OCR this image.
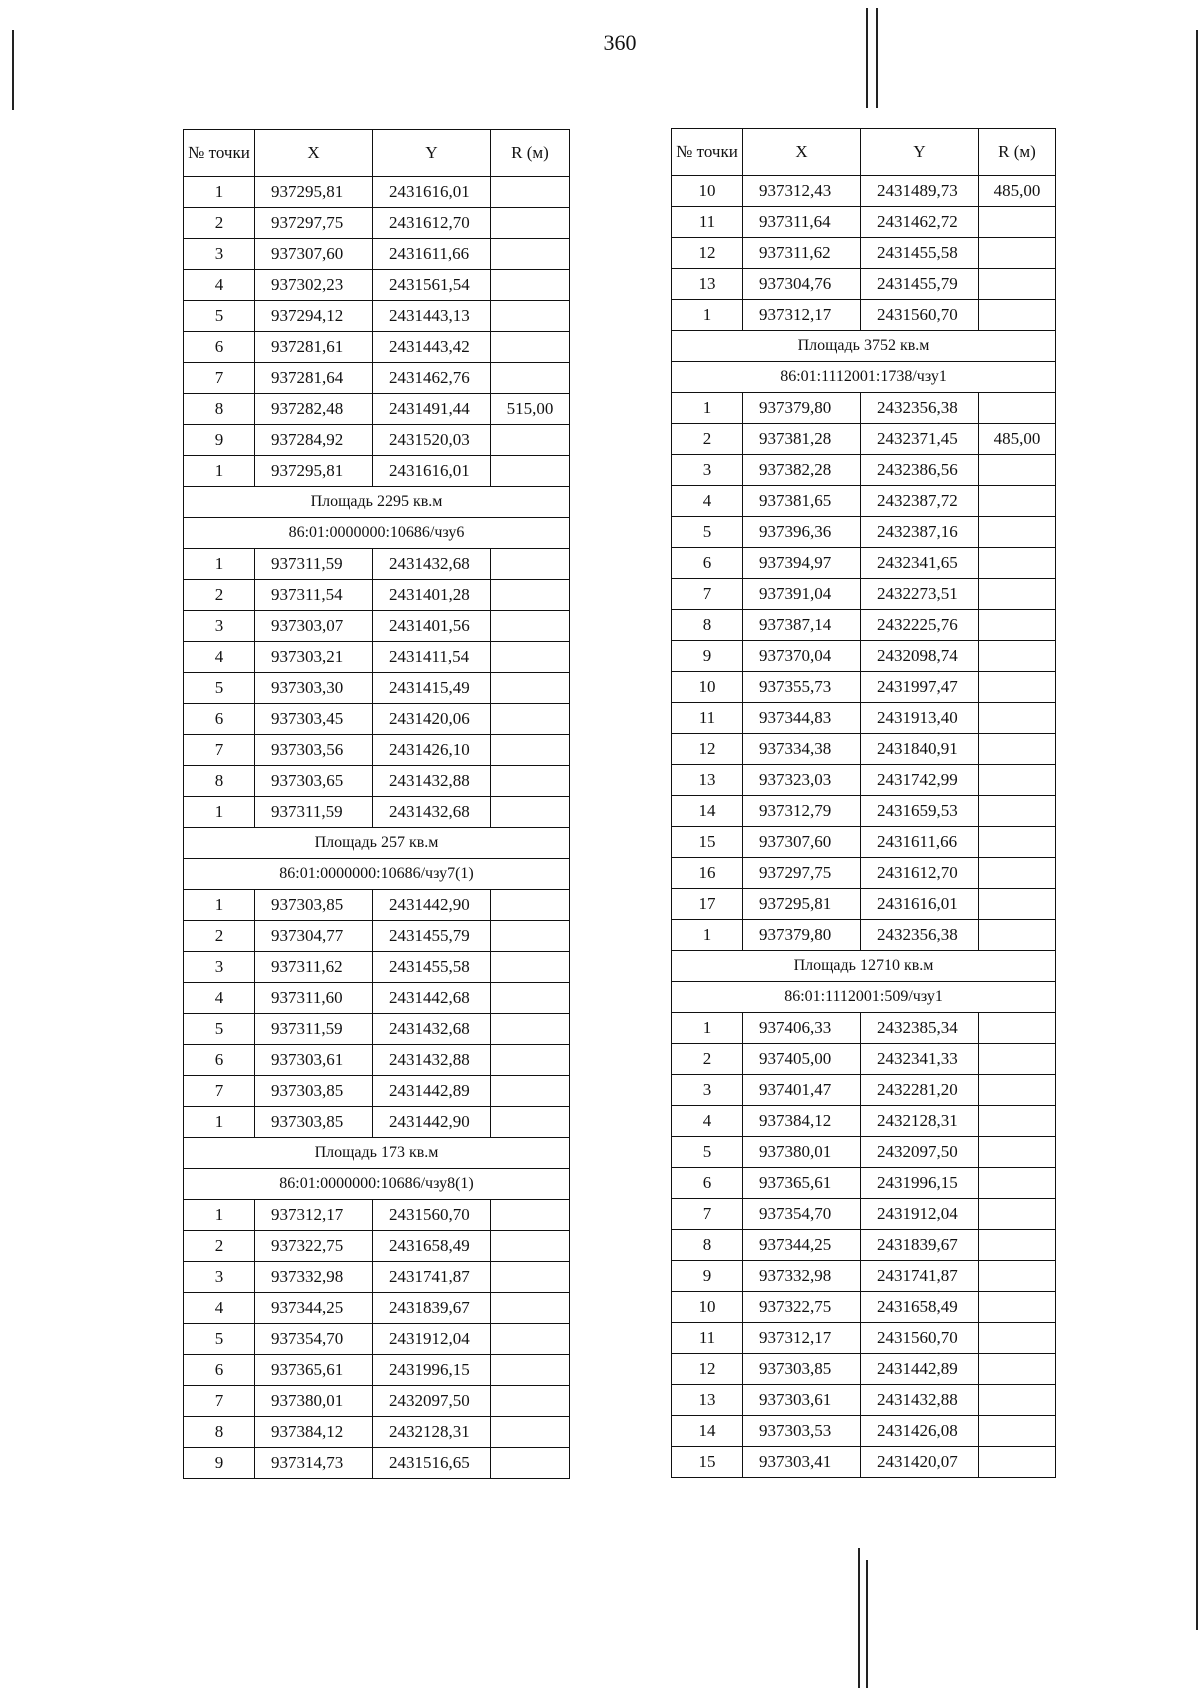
360
№ точки	X	Y	R (м)
1	937295,81	2431616,01	
2	937297,75	2431612,70	
3	937307,60	2431611,66	
4	937302,23	2431561,54	
5	937294,12	2431443,13	
6	937281,61	2431443,42	
7	937281,64	2431462,76	
8	937282,48	2431491,44	515,00
9	937284,92	2431520,03	
1	937295,81	2431616,01	
Площадь 2295 кв.м			
86:01:0000000:10686/чзу6			
1	937311,59	2431432,68	
2	937311,54	2431401,28	
3	937303,07	2431401,56	
4	937303,21	2431411,54	
5	937303,30	2431415,49	
6	937303,45	2431420,06	
7	937303,56	2431426,10	
8	937303,65	2431432,88	
1	937311,59	2431432,68	
Площадь 257 кв.м			
86:01:0000000:10686/чзу7(1)			
1	937303,85	2431442,90	
2	937304,77	2431455,79	
3	937311,62	2431455,58	
4	937311,60	2431442,68	
5	937311,59	2431432,68	
6	937303,61	2431432,88	
7	937303,85	2431442,89	
1	937303,85	2431442,90	
Площадь 173 кв.м			
86:01:0000000:10686/чзу8(1)			
1	937312,17	2431560,70	
2	937322,75	2431658,49	
3	937332,98	2431741,87	
4	937344,25	2431839,67	
5	937354,70	2431912,04	
6	937365,61	2431996,15	
7	937380,01	2432097,50	
8	937384,12	2432128,31	
9	937314,73	2431516,65	
№ точки	X	Y	R (м)
10	937312,43	2431489,73	485,00
11	937311,64	2431462,72	
12	937311,62	2431455,58	
13	937304,76	2431455,79	
1	937312,17	2431560,70	
Площадь 3752 кв.м			
86:01:1112001:1738/чзу1			
1	937379,80	2432356,38	
2	937381,28	2432371,45	485,00
3	937382,28	2432386,56	
4	937381,65	2432387,72	
5	937396,36	2432387,16	
6	937394,97	2432341,65	
7	937391,04	2432273,51	
8	937387,14	2432225,76	
9	937370,04	2432098,74	
10	937355,73	2431997,47	
11	937344,83	2431913,40	
12	937334,38	2431840,91	
13	937323,03	2431742,99	
14	937312,79	2431659,53	
15	937307,60	2431611,66	
16	937297,75	2431612,70	
17	937295,81	2431616,01	
1	937379,80	2432356,38	
Площадь 12710 кв.м			
86:01:1112001:509/чзу1			
1	937406,33	2432385,34	
2	937405,00	2432341,33	
3	937401,47	2432281,20	
4	937384,12	2432128,31	
5	937380,01	2432097,50	
6	937365,61	2431996,15	
7	937354,70	2431912,04	
8	937344,25	2431839,67	
9	937332,98	2431741,87	
10	937322,75	2431658,49	
11	937312,17	2431560,70	
12	937303,85	2431442,89	
13	937303,61	2431432,88	
14	937303,53	2431426,08	
15	937303,41	2431420,07	
